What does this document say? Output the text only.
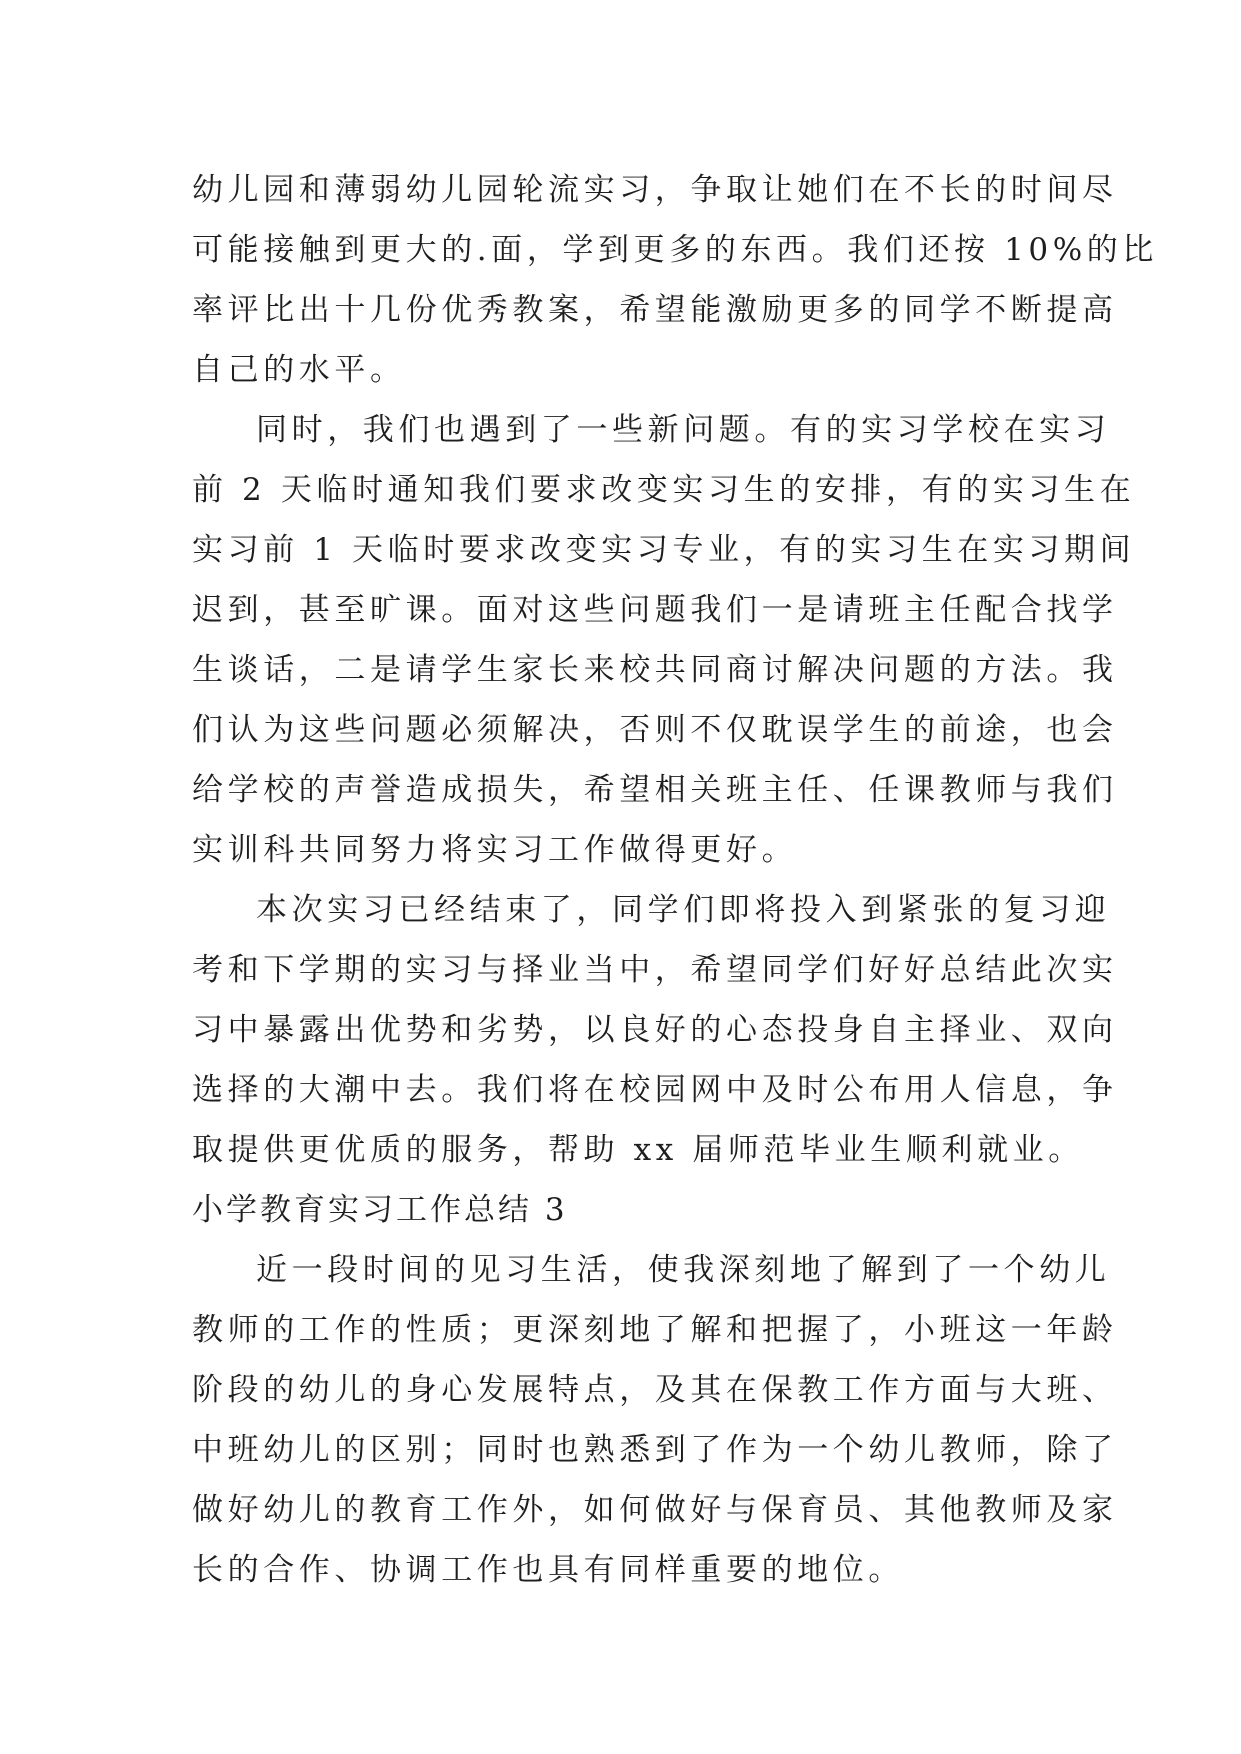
幼儿园和薄弱幼儿园轮流实习，争取让她们在不长的时间尽
可能接触到更大的.面，学到更多的东西。我们还按 10%的比
率评比出十几份优秀教案，希望能激励更多的同学不断提高
自己的水平。
同时，我们也遇到了一些新问题。有的实习学校在实习
前 2 天临时通知我们要求改变实习生的安排，有的实习生在
实习前 1 天临时要求改变实习专业，有的实习生在实习期间
迟到，甚至旷课。面对这些问题我们一是请班主任配合找学
生谈话，二是请学生家长来校共同商讨解决问题的方法。我
们认为这些问题必须解决，否则不仅耽误学生的前途，也会
给学校的声誉造成损失，希望相关班主任、任课教师与我们
实训科共同努力将实习工作做得更好。
本次实习已经结束了，同学们即将投入到紧张的复习迎
考和下学期的实习与择业当中，希望同学们好好总结此次实
习中暴露出优势和劣势，以良好的心态投身自主择业、双向
选择的大潮中去。我们将在校园网中及时公布用人信息，争
取提供更优质的服务，帮助 xx 届师范毕业生顺利就业。
小学教育实习工作总结 3
近一段时间的见习生活，使我深刻地了解到了一个幼儿
教师的工作的性质；更深刻地了解和把握了，小班这一年龄
阶段的幼儿的身心发展特点，及其在保教工作方面与大班、
中班幼儿的区别；同时也熟悉到了作为一个幼儿教师，除了
做好幼儿的教育工作外，如何做好与保育员、其他教师及家
长的合作、协调工作也具有同样重要的地位。
